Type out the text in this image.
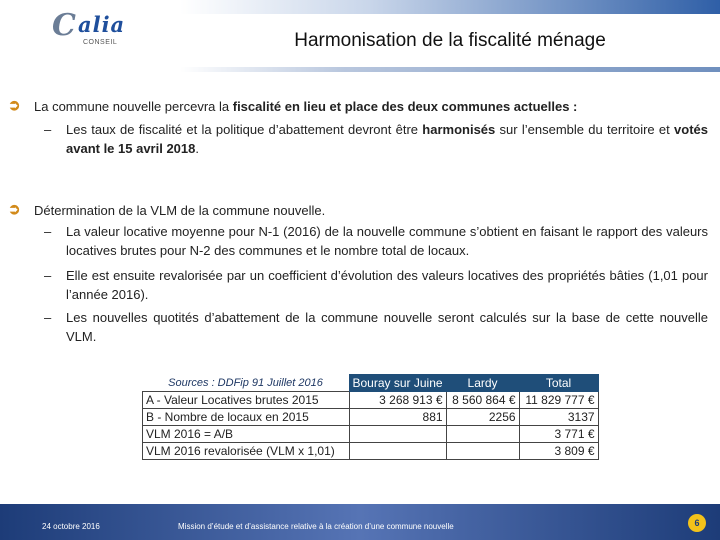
C alia
CONSEIL	Harmonisation de la fiscalité ménage
➲ La commune nouvelle percevra la fiscalité en lieu et place des deux communes actuelles :
– Les taux de fiscalité et la politique d’abattement devront être harmonisés sur l’ensemble du territoire et votés avant le 15 avril 2018.
➲ Détermination de la VLM de la commune nouvelle.
– La valeur locative moyenne pour N-1 (2016) de la nouvelle commune s’obtient en faisant le rapport des valeurs locatives brutes pour N-2 des communes et le nombre total de locaux.
– Elle est ensuite revalorisée par un coefficient d’évolution des valeurs locatives des propriétés bâties (1,01 pour l’année 2016).
– Les nouvelles quotités d’abattement de la commune nouvelle seront calculés sur la base de cette nouvelle VLM.
Sources : DDFip 91 Juillet 2016	Bouray sur Juine	Lardy	Total
A - Valeur Locatives brutes 2015	3 268 913 €	8 560 864 €	11 829 777 €
B - Nombre de locaux en 2015	881	2256	3137
VLM 2016 = A/B			3 771 €
VLM 2016 revalorisée (VLM x 1,01)			3 809 €
24 octobre 2016	Mission d’étude et d’assistance relative à la création d’une commune nouvelle	6
